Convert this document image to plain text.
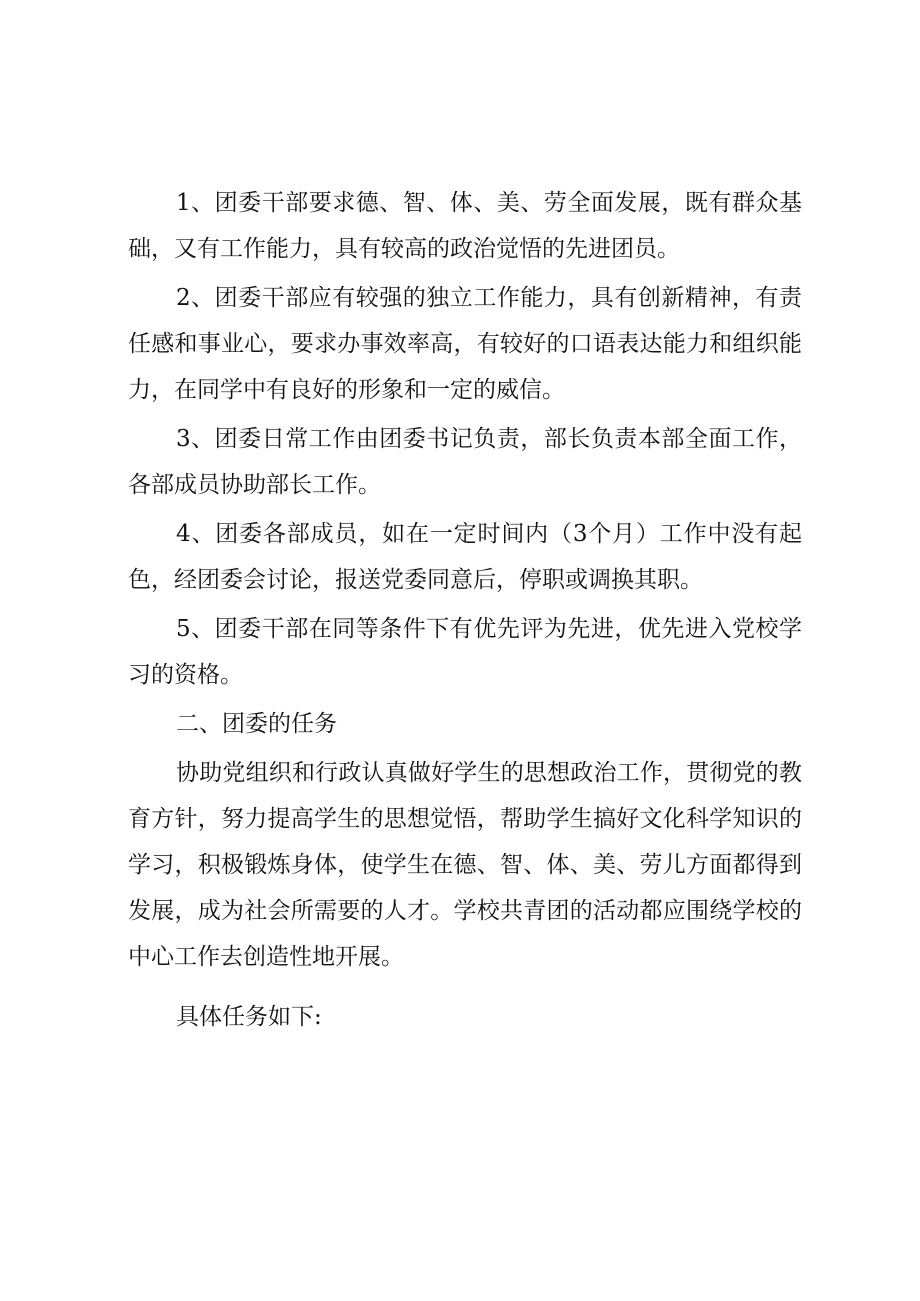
1、团委干部要求德、智、体、美、劳全面发展，既有群众基础，又有工作能力，具有较高的政治觉悟的先进团员。

2、团委干部应有较强的独立工作能力，具有创新精神，有责任感和事业心，要求办事效率高，有较好的口语表达能力和组织能力，在同学中有良好的形象和一定的威信。

3、团委日常工作由团委书记负责，部长负责本部全面工作，各部成员协助部长工作。

4、团委各部成员，如在一定时间内（3个月）工作中没有起色，经团委会讨论，报送党委同意后，停职或调换其职。

5、团委干部在同等条件下有优先评为先进，优先进入党校学习的资格。

二、团委的任务

协助党组织和行政认真做好学生的思想政治工作，贯彻党的教育方针，努力提高学生的思想觉悟，帮助学生搞好文化科学知识的学习，积极锻炼身体，使学生在德、智、体、美、劳儿方面都得到发展，成为社会所需要的人才。学校共青团的活动都应围绕学校的中心工作去创造性地开展。

具体任务如下:
